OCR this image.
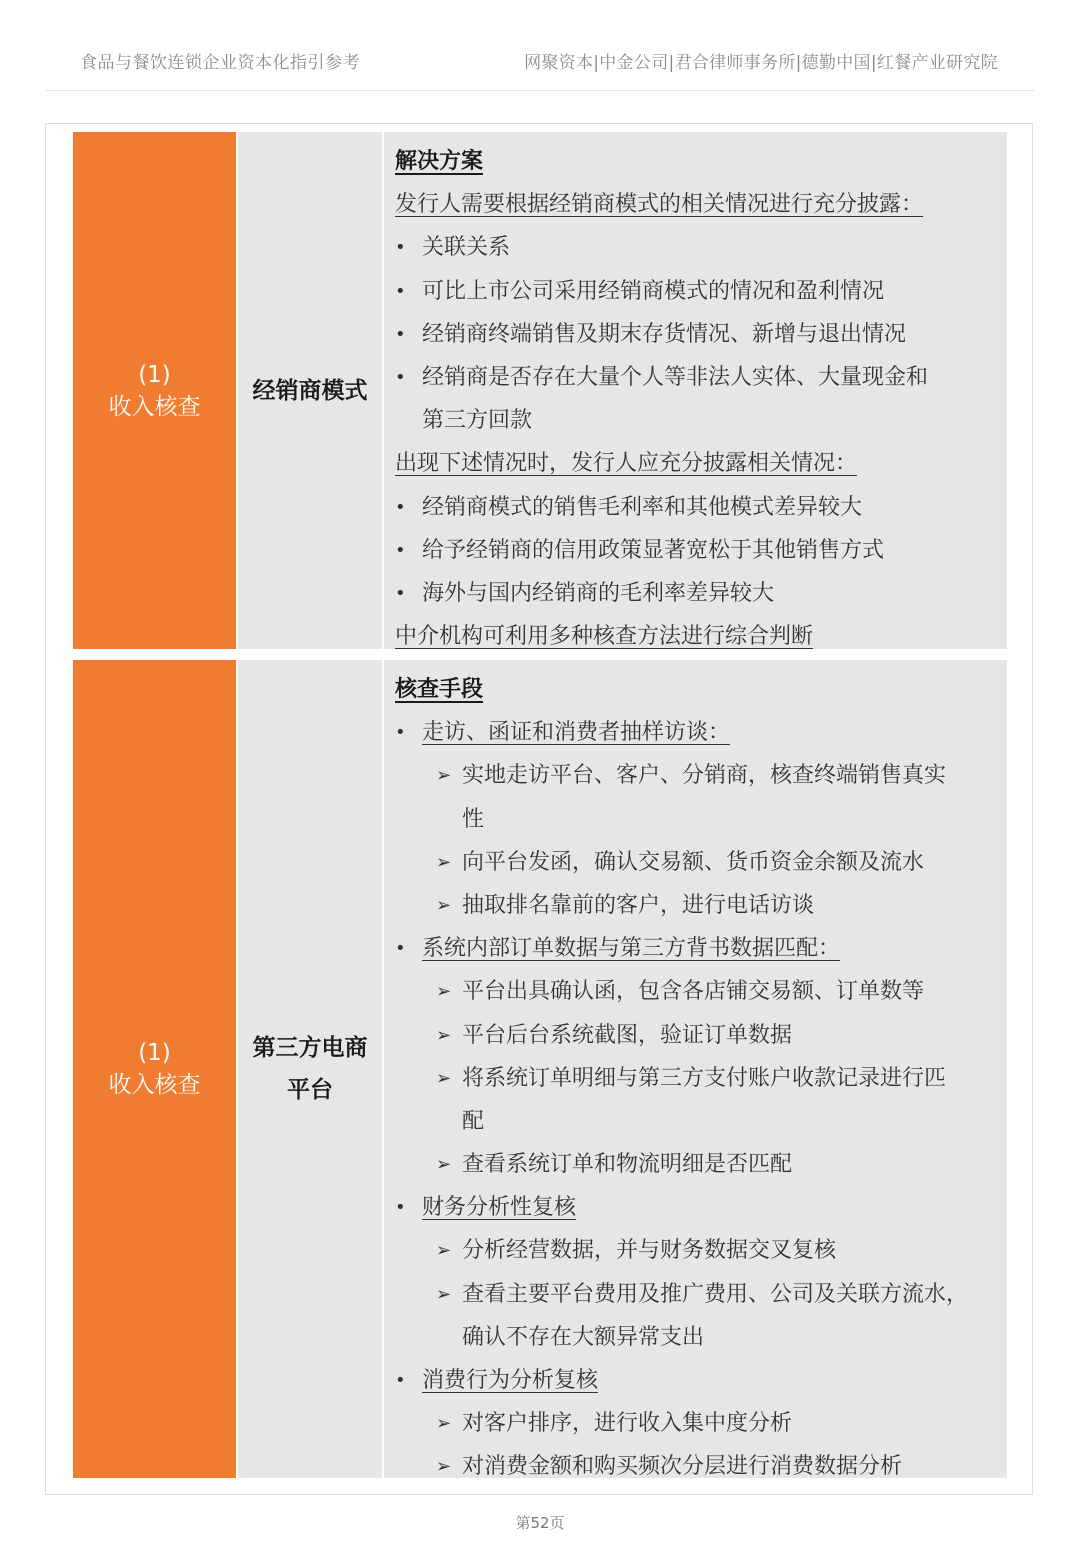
食品与餐饮连锁企业资本化指引参考	网聚资本|中金公司|君合律师事务所|德勤中国|红餐产业研究院
(1)
收入核查
经销商模式
解决方案
发行人需要根据经销商模式的相关情况进行充分披露：
• 关联关系
• 可比上市公司采用经销商模式的情况和盈利情况
• 经销商终端销售及期末存货情况、新增与退出情况
• 经销商是否存在大量个人等非法人实体、大量现金和
第三方回款
出现下述情况时，发行人应充分披露相关情况：
• 经销商模式的销售毛利率和其他模式差异较大
• 给予经销商的信用政策显著宽松于其他销售方式
• 海外与国内经销商的毛利率差异较大
中介机构可利用多种核查方法进行综合判断
(1)
收入核查
第三方电商
平台
核查手段
• 走访、函证和消费者抽样访谈：
➢ 实地走访平台、客户、分销商，核查终端销售真实
性
➢ 向平台发函，确认交易额、货币资金余额及流水
➢ 抽取排名靠前的客户，进行电话访谈
• 系统内部订单数据与第三方背书数据匹配：
➢ 平台出具确认函，包含各店铺交易额、订单数等
➢ 平台后台系统截图，验证订单数据
➢ 将系统订单明细与第三方支付账户收款记录进行匹
配
➢ 查看系统订单和物流明细是否匹配
• 财务分析性复核
➢ 分析经营数据，并与财务数据交叉复核
➢ 查看主要平台费用及推广费用、公司及关联方流水，
确认不存在大额异常支出
• 消费行为分析复核
➢ 对客户排序，进行收入集中度分析
➢ 对消费金额和购买频次分层进行消费数据分析
第52页
